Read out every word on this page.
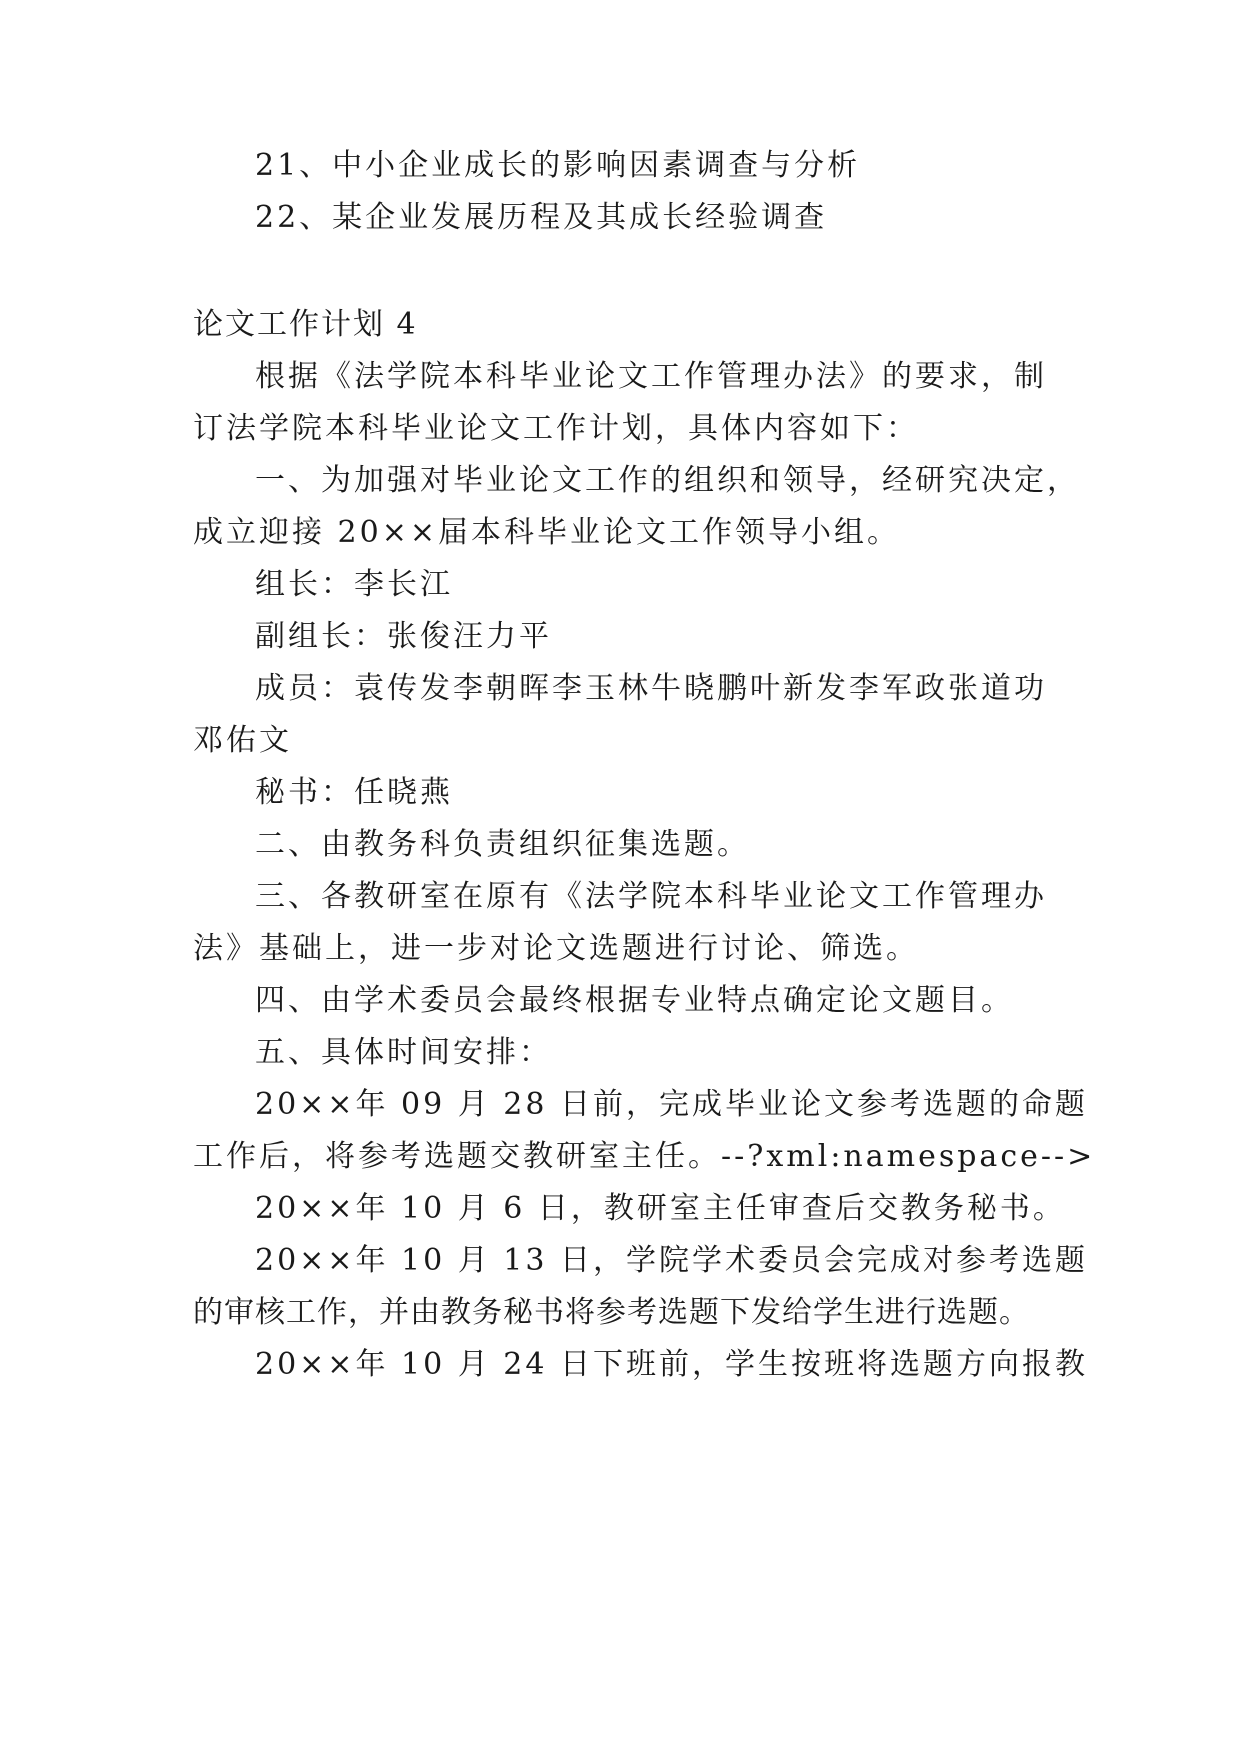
21、中小企业成长的影响因素调查与分析
22、某企业发展历程及其成长经验调查
论文工作计划 4
根据《法学院本科毕业论文工作管理办法》的要求，制
订法学院本科毕业论文工作计划，具体内容如下：
一、为加强对毕业论文工作的组织和领导，经研究决定，
成立迎接 20××届本科毕业论文工作领导小组。
组长：李长江
副组长：张俊汪力平
成员：袁传发李朝晖李玉林牛晓鹏叶新发李军政张道功
邓佑文
秘书：任晓燕
二、由教务科负责组织征集选题。
三、各教研室在原有《法学院本科毕业论文工作管理办
法》基础上，进一步对论文选题进行讨论、筛选。
四、由学术委员会最终根据专业特点确定论文题目。
五、具体时间安排：
20××年 09 月 28 日前，完成毕业论文参考选题的命题
工作后，将参考选题交教研室主任。--?xml:namespace-->
20××年 10 月 6 日，教研室主任审查后交教务秘书。
20××年 10 月 13 日，学院学术委员会完成对参考选题
的审核工作，并由教务秘书将参考选题下发给学生进行选题。
20××年 10 月 24 日下班前，学生按班将选题方向报教
